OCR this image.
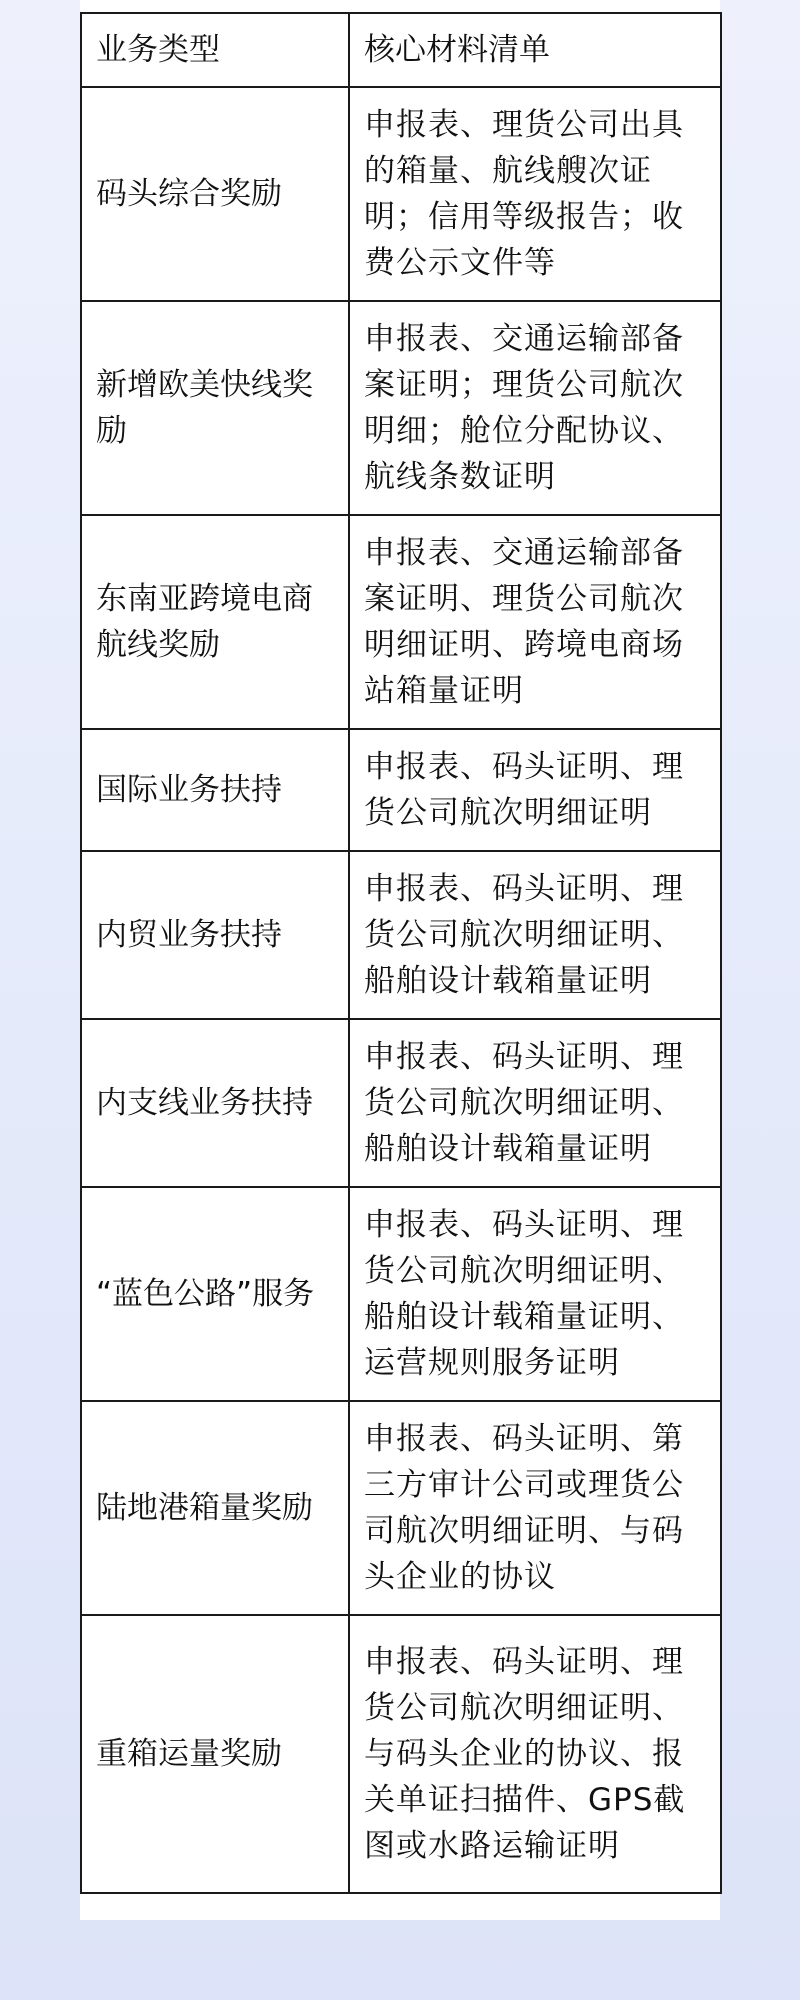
业务类型	核心材料清单
码头综合奖励	申报表、理货公司出具的箱量、航线艘次证明；信用等级报告；收费公示文件等
新增欧美快线奖励	申报表、交通运输部备案证明；理货公司航次明细；舱位分配协议、航线条数证明
东南亚跨境电商航线奖励	申报表、交通运输部备案证明、理货公司航次明细证明、跨境电商场站箱量证明
国际业务扶持	申报表、码头证明、理货公司航次明细证明
内贸业务扶持	申报表、码头证明、理货公司航次明细证明、船舶设计载箱量证明
内支线业务扶持	申报表、码头证明、理货公司航次明细证明、船舶设计载箱量证明
“蓝色公路”服务	申报表、码头证明、理货公司航次明细证明、船舶设计载箱量证明、运营规则服务证明
陆地港箱量奖励	申报表、码头证明、第三方审计公司或理货公司航次明细证明、与码头企业的协议
重箱运量奖励	申报表、码头证明、理货公司航次明细证明、与码头企业的协议、报关单证扫描件、GPS截图或水路运输证明
